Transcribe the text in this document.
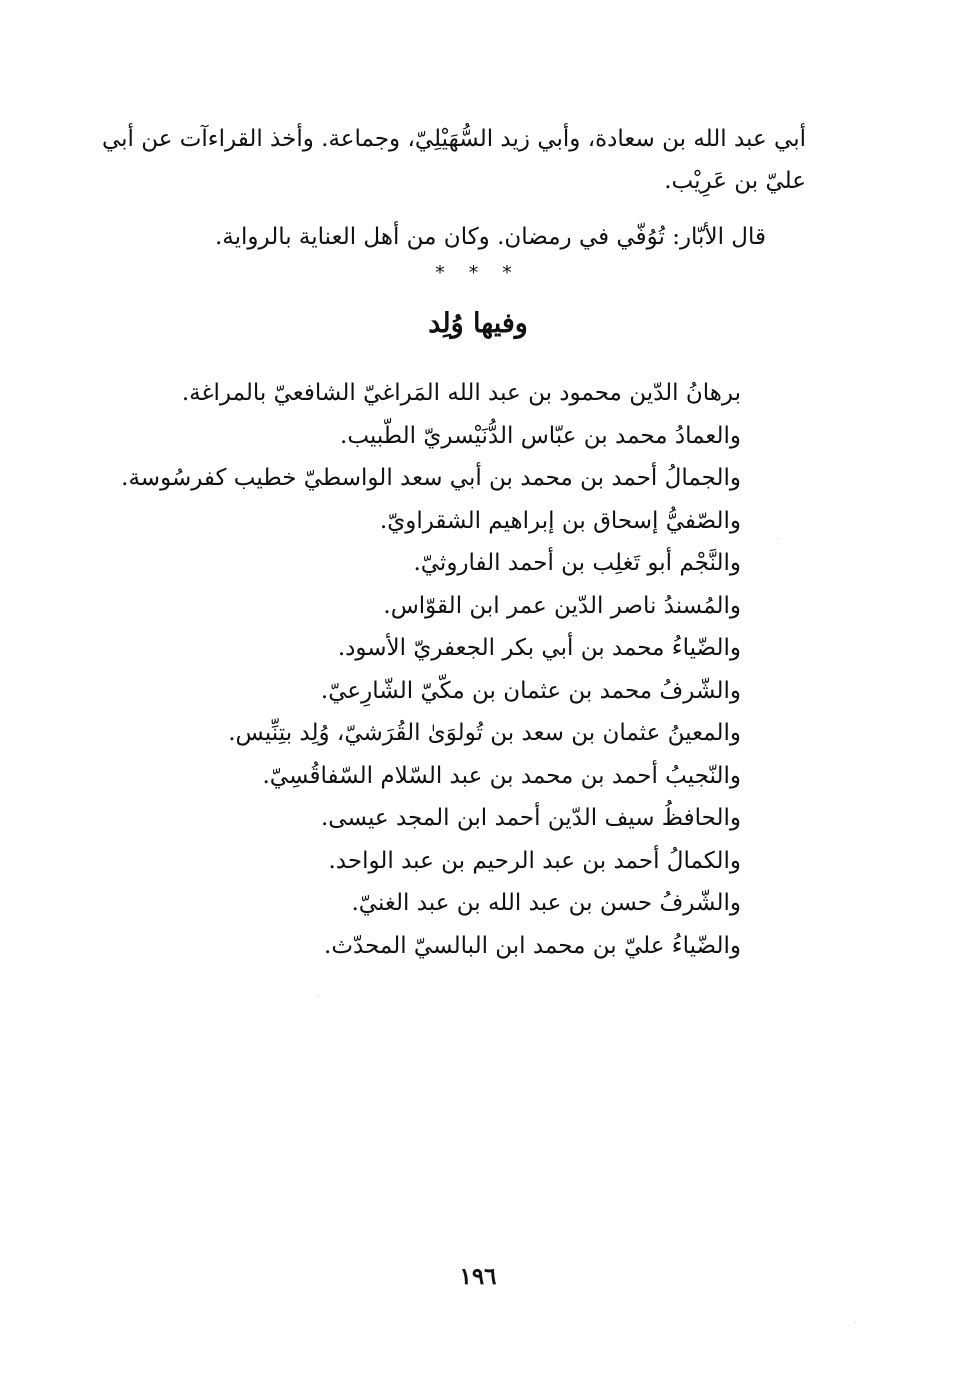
أبي عبد الله بن سعادة، وأبي زيد السُّهَيْلِيّ، وجماعة. وأخذ القراءآت عن أبي عليّ بن عَرِيْب.
قال الأبّار: تُوُفّي في رمضان. وكان من أهل العناية بالرواية.
* * *
وفيها وُلِد
برهانُ الدّين محمود بن عبد الله المَراغيّ الشافعيّ بالمراغة.
والعمادُ محمد بن عبّاس الدُّنَيْسريّ الطّبيب.
والجمالُ أحمد بن محمد بن أبي سعد الواسطيّ خطيب كفرسُوسة.
والصّفيُّ إسحاق بن إبراهيم الشقراويّ.
والنَّجْم أبو تَغلِب بن أحمد الفاروثيّ.
والمُسندُ ناصر الدّين عمر ابن القوّاس.
والضّياءُ محمد بن أبي بكر الجعفريّ الأسود.
والشّرفُ محمد بن عثمان بن مكّيّ الشّارِعيّ.
والمعينُ عثمان بن سعد بن تُولوَىٰ القُرَشيّ، وُلِد بتِنِّيس.
والنّجيبُ أحمد بن محمد بن عبد السّلام السّفاقُسِيّ.
والحافظُ سيف الدّين أحمد ابن المجد عيسى.
والكمالُ أحمد بن عبد الرحيم بن عبد الواحد.
والشّرفُ حسن بن عبد الله بن عبد الغنيّ.
والضّياءُ عليّ بن محمد ابن البالسيّ المحدّث.
١٩٦
